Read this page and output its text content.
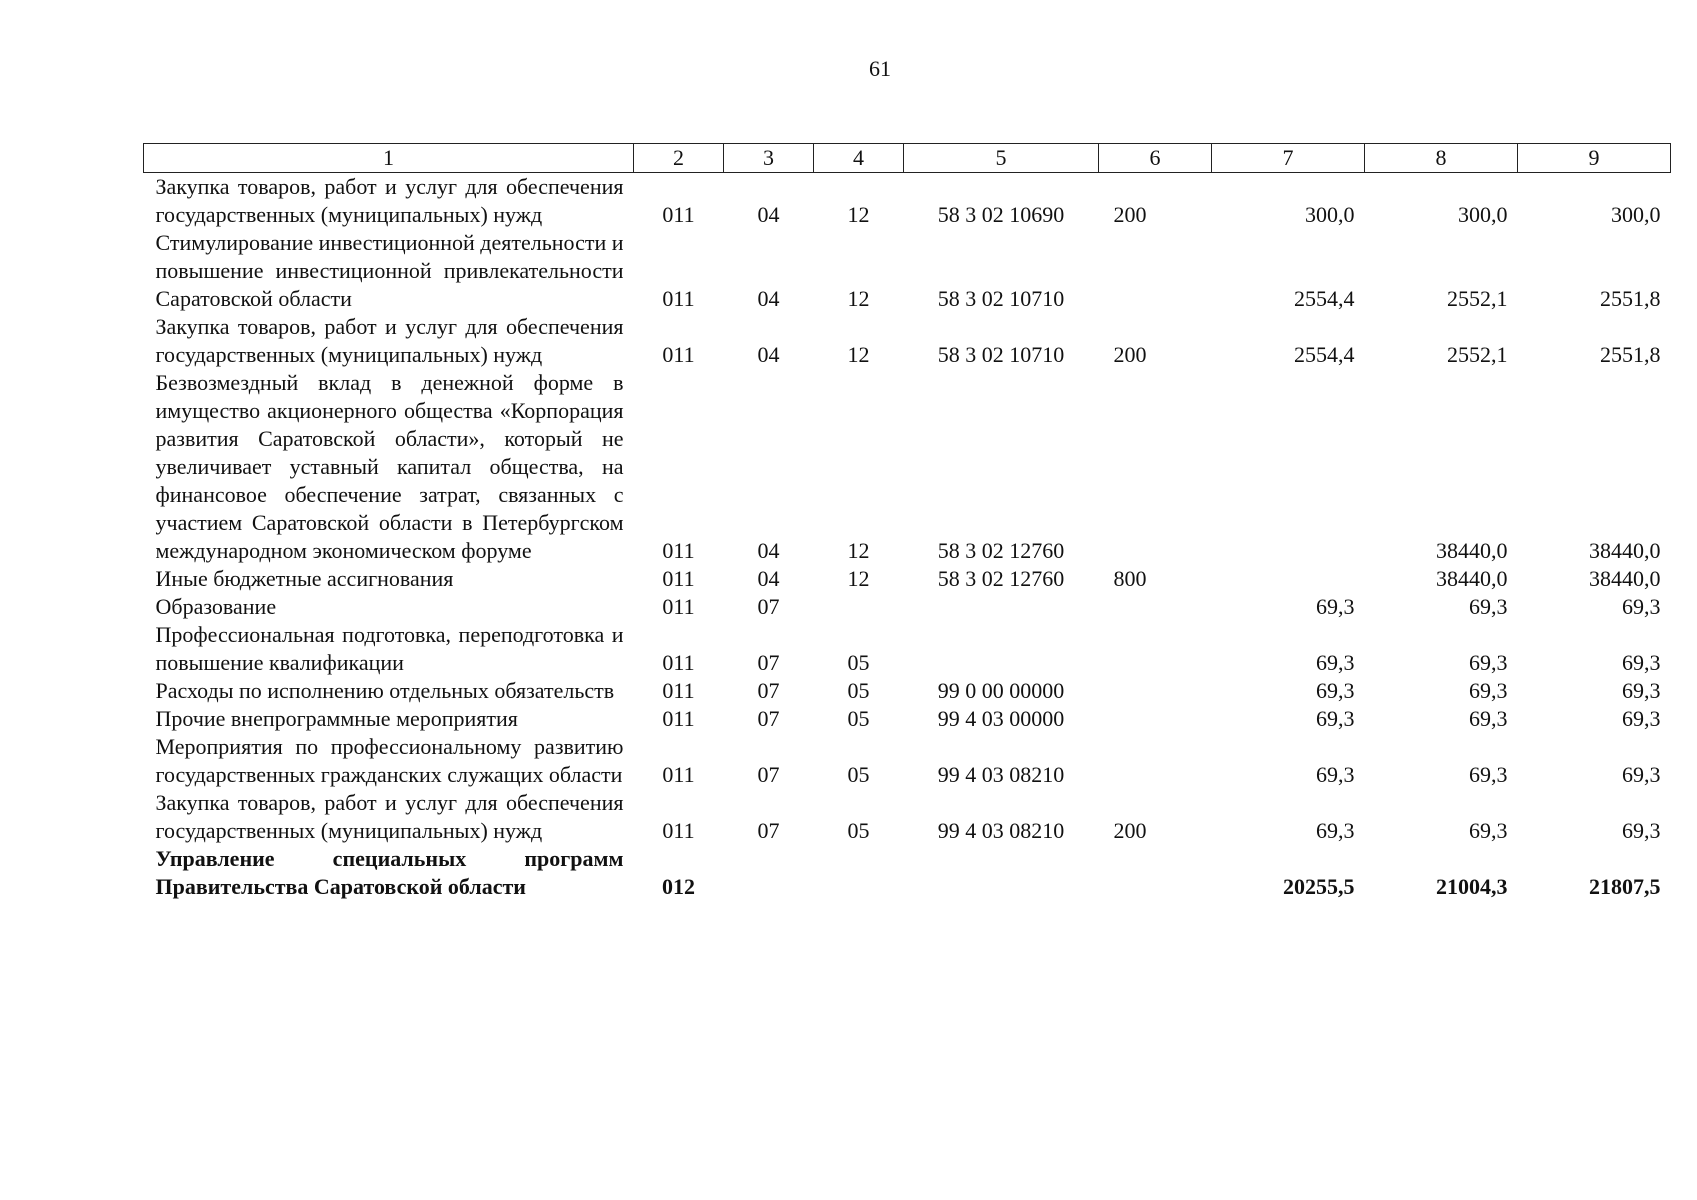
61
1	2	3	4	5	6	7	8	9
Закупка товаров, работ и услуг для обеспечения государственных (муниципальных) нужд	011	04	12	58 3 02 10690	200	300,0	300,0	300,0
Стимулирование инвестиционной деятельности и повышение инвестиционной привлекательности Саратовской области	011	04	12	58 3 02 10710		2554,4	2552,1	2551,8
Закупка товаров, работ и услуг для обеспечения государственных (муниципальных) нужд	011	04	12	58 3 02 10710	200	2554,4	2552,1	2551,8
Безвозмездный вклад в денежной форме в имущество акционерного общества «Корпорация развития Саратовской области», который не увеличивает уставный капитал общества, на финансовое обеспечение затрат, связанных с участием Саратовской области в Петербургском международном экономическом форуме	011	04	12	58 3 02 12760			38440,0	38440,0
Иные бюджетные ассигнования	011	04	12	58 3 02 12760	800		38440,0	38440,0
Образование	011	07				69,3	69,3	69,3
Профессиональная подготовка, переподготовка и повышение квалификации	011	07	05			69,3	69,3	69,3
Расходы по исполнению отдельных обязательств	011	07	05	99 0 00 00000		69,3	69,3	69,3
Прочие внепрограммные мероприятия	011	07	05	99 4 03 00000		69,3	69,3	69,3
Мероприятия по профессиональному развитию государственных гражданских служащих области	011	07	05	99 4 03 08210		69,3	69,3	69,3
Закупка товаров, работ и услуг для обеспечения государственных (муниципальных) нужд	011	07	05	99 4 03 08210	200	69,3	69,3	69,3
Управление специальных программ Правительства Саратовской области	012					20255,5	21004,3	21807,5
